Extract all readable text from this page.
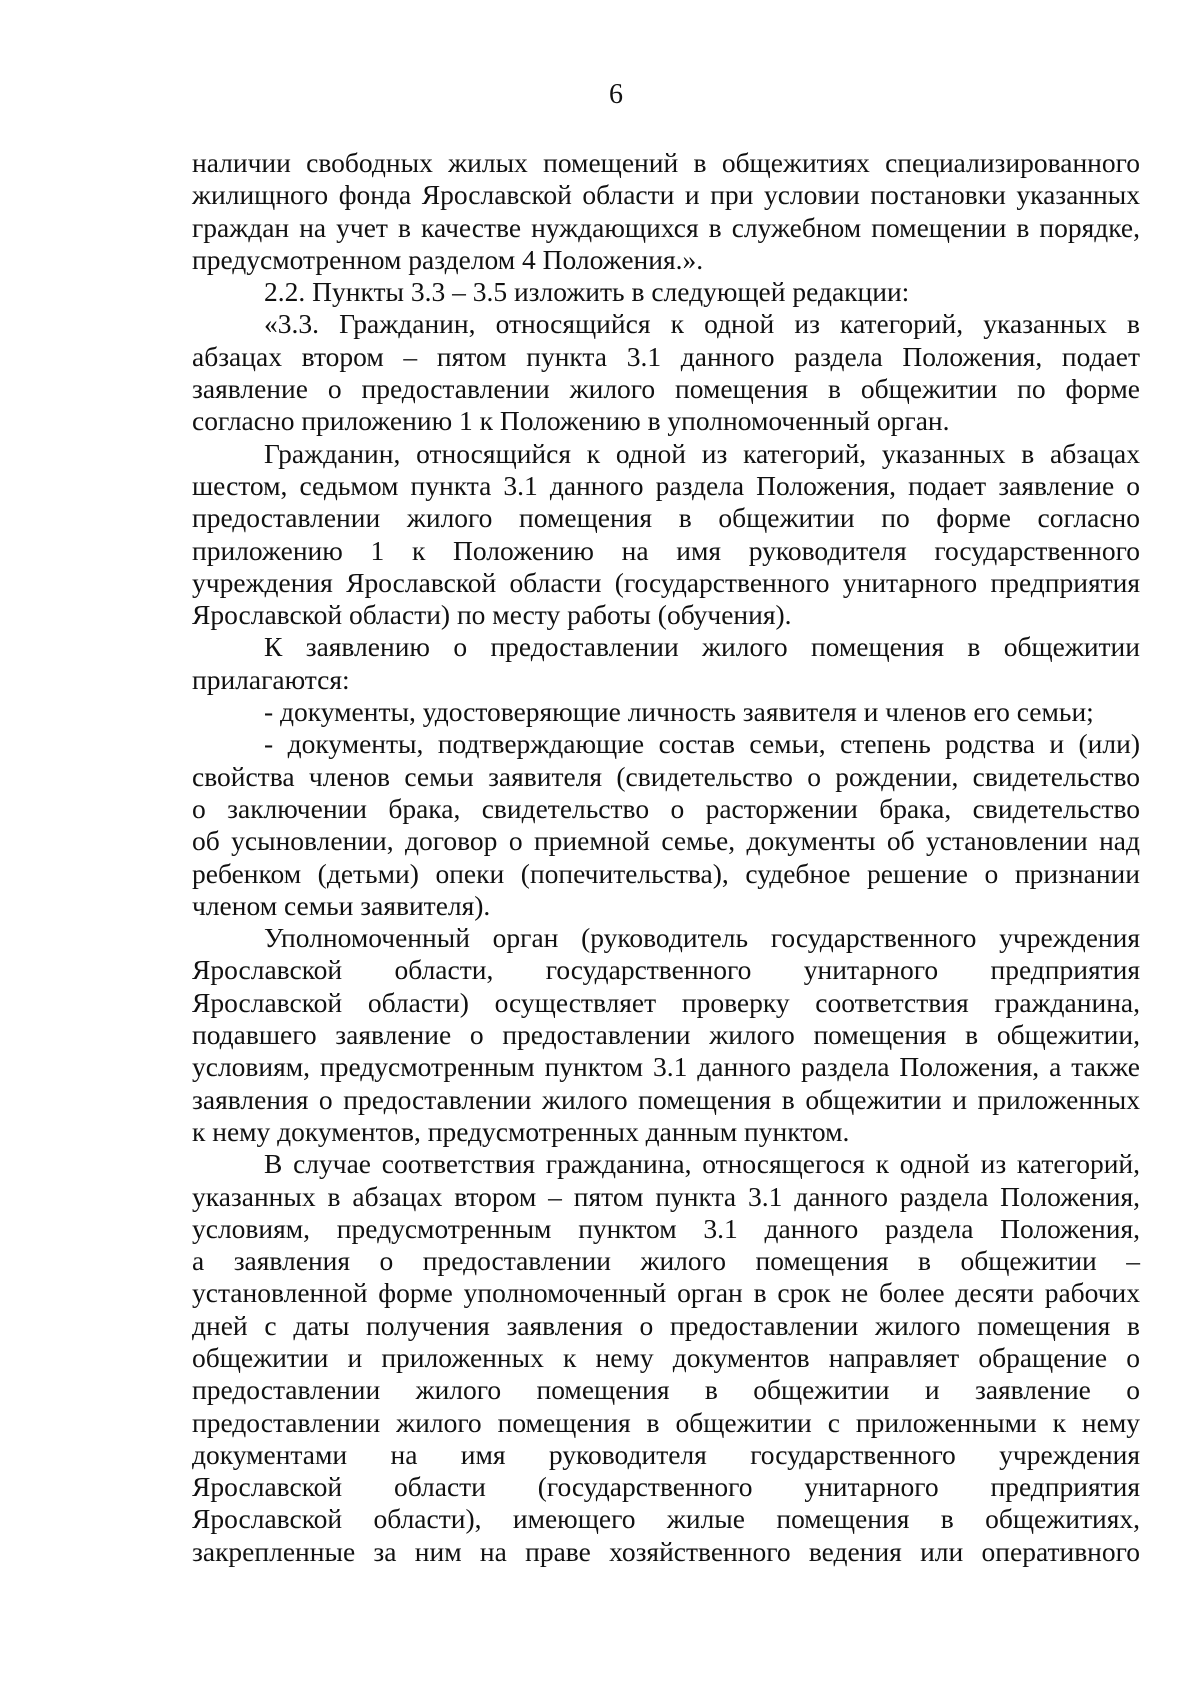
6
наличии свободных жилых помещений в общежитиях специализированного
жилищного фонда Ярославской области и при условии постановки указанных
граждан на учет в качестве нуждающихся в служебном помещении в порядке,
предусмотренном разделом 4 Положения.».
2.2. Пункты 3.3 – 3.5 изложить в следующей редакции:
«3.3. Гражданин, относящийся к одной из категорий, указанных в
абзацах втором – пятом пункта 3.1 данного раздела Положения, подает
заявление о предоставлении жилого помещения в общежитии по форме
согласно приложению 1 к Положению в уполномоченный орган.
Гражданин, относящийся к одной из категорий, указанных в абзацах
шестом, седьмом пункта 3.1 данного раздела Положения, подает заявление о
предоставлении жилого помещения в общежитии по форме согласно
приложению 1 к Положению на имя руководителя государственного
учреждения Ярославской области (государственного унитарного предприятия
Ярославской области) по месту работы (обучения).
К заявлению о предоставлении жилого помещения в общежитии
прилагаются:
- документы, удостоверяющие личность заявителя и членов его семьи;
- документы, подтверждающие состав семьи, степень родства и (или)
свойства членов семьи заявителя (свидетельство о рождении, свидетельство
о заключении брака, свидетельство о расторжении брака, свидетельство
об усыновлении, договор о приемной семье, документы об установлении над
ребенком (детьми) опеки (попечительства), судебное решение о признании
членом семьи заявителя).
Уполномоченный орган (руководитель государственного учреждения
Ярославской области, государственного унитарного предприятия
Ярославской области) осуществляет проверку соответствия гражданина,
подавшего заявление о предоставлении жилого помещения в общежитии,
условиям, предусмотренным пунктом 3.1 данного раздела Положения, а также
заявления о предоставлении жилого помещения в общежитии и приложенных
к нему документов, предусмотренных данным пунктом.
В случае соответствия гражданина, относящегося к одной из категорий,
указанных в абзацах втором – пятом пункта 3.1 данного раздела Положения,
условиям, предусмотренным пунктом 3.1 данного раздела Положения,
а заявления о предоставлении жилого помещения в общежитии –
установленной форме уполномоченный орган в срок не более десяти рабочих
дней с даты получения заявления о предоставлении жилого помещения в
общежитии и приложенных к нему документов направляет обращение о
предоставлении жилого помещения в общежитии и заявление о
предоставлении жилого помещения в общежитии с приложенными к нему
документами на имя руководителя государственного учреждения
Ярославской области (государственного унитарного предприятия
Ярославской области), имеющего жилые помещения в общежитиях,
закрепленные за ним на праве хозяйственного ведения или оперативного
